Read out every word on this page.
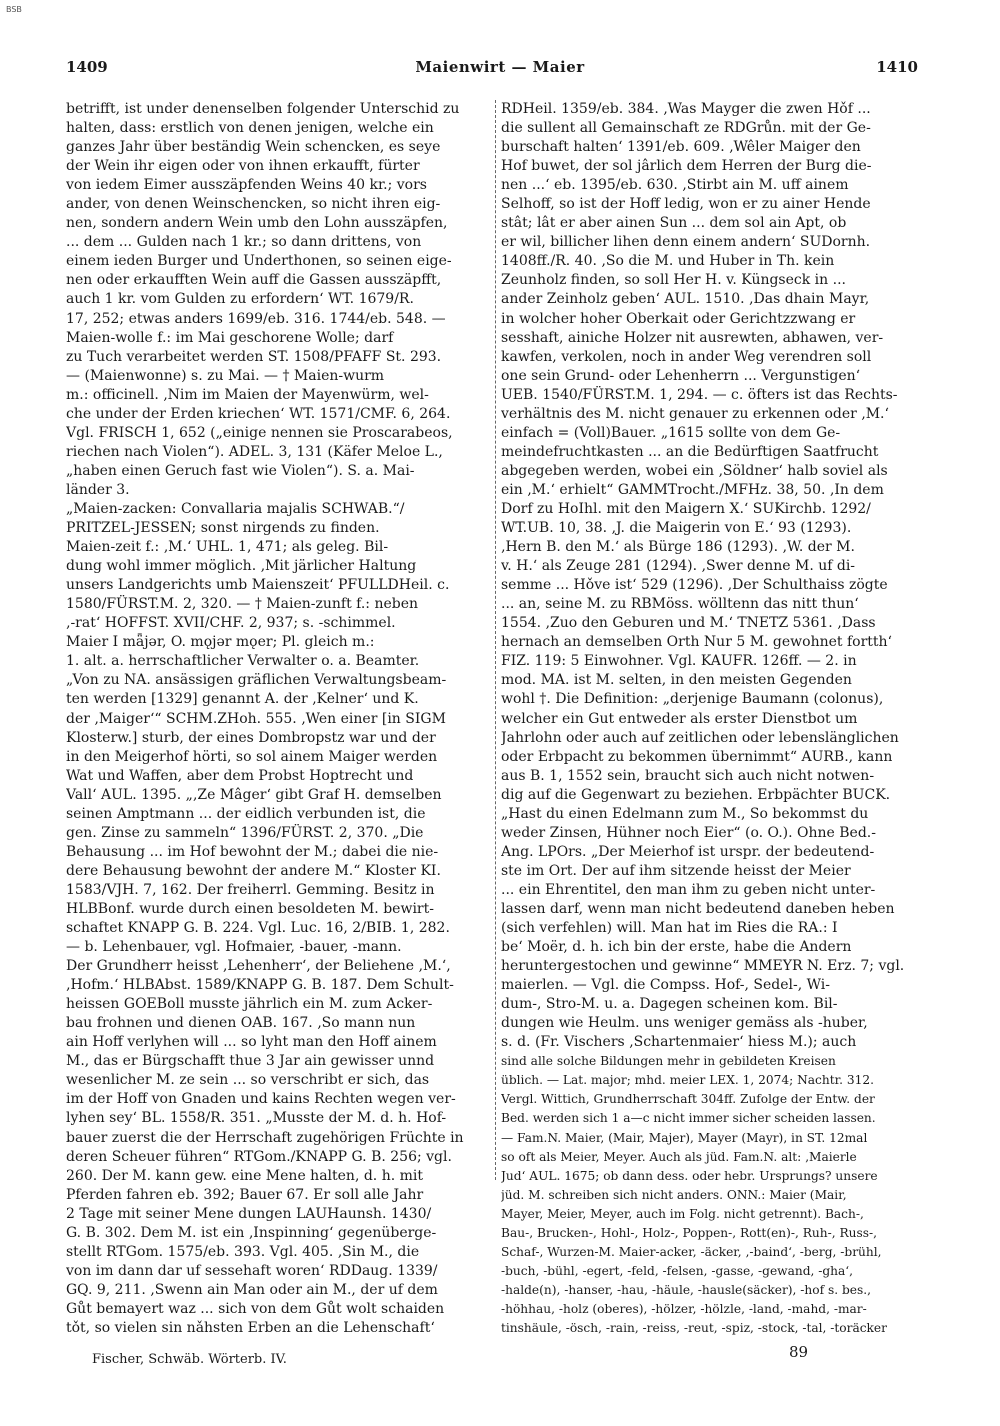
BSB
1409	Maienwirt — Maier	1410
betrifft, ist under denenselben folgender Unterschid zu
halten, dass: erstlich von denen jenigen, welche ein
ganzes Jahr über beständig Wein schencken, es seye
der Wein ihr eigen oder von ihnen erkaufft, fürter
von iedem Eimer ausszäpfenden Weins 40 kr.; vors
ander, von denen Weinschencken, so nicht ihren eig-
nen, sondern andern Wein umb den Lohn ausszäpfen,
... dem ... Gulden nach 1 kr.; so dann drittens, von
einem ieden Burger und Underthonen, so seinen eige-
nen oder erkaufften Wein auff die Gassen ausszäpfft,
auch 1 kr. vom Gulden zu erfordern‘ WT. 1679/R.
17, 252; etwas anders 1699/eb. 316. 1744/eb. 548. —
Maien-wolle f.: im Mai geschorene Wolle; darf
zu Tuch verarbeitet werden ST. 1508/PFAFF St. 293.
— (Maienwonne) s. zu Mai. — † Maien-wurm
m.: officinell. ‚Nim im Maien der Mayenwürm, wel-
che under der Erden kriechen‘ WT. 1571/CMF. 6, 264.
Vgl. FRISCH 1, 652 („einige nennen sie Proscarabeos,
riechen nach Violen“). ADEL. 3, 131 (Käfer Meloe L.,
„haben einen Geruch fast wie Violen“). S. a. Mai-
länder 3.
„Maien-zacken: Convallaria majalis SCHWAB.“/
PRITZEL-JESSEN; sonst nirgends zu finden.
Maien-zeit f.: ‚M.‘ UHL. 1, 471; als geleg. Bil-
dung wohl immer möglich. ‚Mit järlicher Haltung
unsers Landgerichts umb Maienszeit‘ PFULLDHeil. c.
1580/FÜRST.M. 2, 320. — † Maien-zunft f.: neben
‚-rat‘ HOFFST. XVII/CHF. 2, 937; s. -schimmel.
Maier I mǟjər, O. mǫjər mǫer; Pl. gleich m.:
1. alt. a. herrschaftlicher Verwalter o. a. Beamter.
„Von zu NA. ansässigen gräflichen Verwaltungsbeam-
ten werden [1329] genannt A. der ‚Kelner‘ und K.
der ‚Maiger‘“ SCHM.ZHoh. 555. ‚Wen einer [in SIGM
Klosterw.] sturb, der eines Dombropstz war und der
in den Meigerhof hörti, so sol ainem Maiger werden
Wat und Waffen, aber dem Probst Hoptrecht und
Vall‘ AUL. 1395. „‚Ze Mâger‘ gibt Graf H. demselben
seinen Amptmann ... der eidlich verbunden ist, die
gen. Zinse zu sammeln“ 1396/FÜRST. 2, 370. „Die
Behausung ... im Hof bewohnt der M.; dabei die nie-
dere Behausung bewohnt der andere M.“ Kloster KI.
1583/VJH. 7, 162. Der freiherrl. Gemming. Besitz in
HLBBonf. wurde durch einen besoldeten M. bewirt-
schaftet KNAPP G. B. 224. Vgl. Luc. 16, 2/BIB. 1, 282.
— b. Lehenbauer, vgl. Hofmaier, -bauer, -mann.
Der Grundherr heisst ‚Lehenherr‘, der Beliehene ‚M.‘,
‚Hofm.‘ HLBAbst. 1589/KNAPP G. B. 187. Dem Schult-
heissen GOEBoll musste jährlich ein M. zum Acker-
bau frohnen und dienen OAB. 167. ‚So mann nun
ain Hoff verlyhen will ... so lyht man den Hoff ainem
M., das er Bürgschafft thue 3 Jar ain gewisser unnd
wesenlicher M. ze sein ... so verschribt er sich, das
im der Hoff von Gnaden und kains Rechten wegen ver-
lyhen sey‘ BL. 1558/R. 351. „Musste der M. d. h. Hof-
bauer zuerst die der Herrschaft zugehörigen Früchte in
deren Scheuer führen“ RTGom./KNAPP G. B. 256; vgl.
260. Der M. kann gew. eine Mene halten, d. h. mit
Pferden fahren eb. 392; Bauer 67. Er soll alle Jahr
2 Tage mit seiner Mene dungen LAUHaunsh. 1430/
G. B. 302. Dem M. ist ein ‚Inspinning‘ gegenüberge-
stellt RTGom. 1575/eb. 393. Vgl. 405. ‚Sin M., die
von im dann dar uf sessehaft woren‘ RDDaug. 1339/
GQ. 9, 211. ‚Swenn ain Man oder ain M., der uf dem
Gůt bemayert waz ... sich von dem Gůt wolt schaiden
tǒt, so vielen sin nǎhsten Erben an die Lehenschaft‘
RDHeil. 1359/eb. 384. ‚Was Mayger die zwen Hǒf ...
die sullent all Gemainschaft ze RDGrůn. mit der Ge-
burschaft halten‘ 1391/eb. 609. ‚Wêler Maiger den
Hof buwet, der sol jârlich dem Herren der Burg die-
nen ...‘ eb. 1395/eb. 630. ‚Stirbt ain M. uff ainem
Selhoff, so ist der Hoff ledig, won er zu ainer Hende
stât; lât er aber ainen Sun ... dem sol ain Apt, ob
er wil, billicher lihen denn einem andern‘ SUDornh.
1408ff./R. 40. ‚So die M. und Huber in Th. kein
Zeunholz finden, so soll Her H. v. Küngseck in ...
ander Zeinholz geben‘ AUL. 1510. ‚Das dhain Mayr,
in wolcher hoher Oberkait oder Gerichtzzwang er
sesshaft, ainiche Holzer nit ausrewten, abhawen, ver-
kawfen, verkolen, noch in ander Weg verendren soll
one sein Grund- oder Lehenherrn ... Vergunstigen‘
UEB. 1540/FÜRST.M. 1, 294. — c. öfters ist das Rechts-
verhältnis des M. nicht genauer zu erkennen oder ‚M.‘
einfach = (Voll)Bauer. „1615 sollte von dem Ge-
meindefruchtkasten ... an die Bedürftigen Saatfrucht
abgegeben werden, wobei ein ‚Söldner‘ halb soviel als
ein ‚M.‘ erhielt“ GAMMTrocht./MFHz. 38, 50. ‚In dem
Dorf zu HoIhl. mit den Maigern X.‘ SUKirchb. 1292/
WT.UB. 10, 38. ‚J. die Maigerin von E.‘ 93 (1293).
‚Hern B. den M.‘ als Bürge 186 (1293). ‚W. der M.
v. H.‘ als Zeuge 281 (1294). ‚Swer denne M. uf di-
semme ... Hǒve ist‘ 529 (1296). ‚Der Schulthaiss zögte
... an, seine M. zu RBMöss. wölltenn das nitt thun‘
1554. ‚Zuo den Geburen und M.‘ TNETZ 5361. ‚Dass
hernach an demselben Orth Nur 5 M. gewohnet fortth‘
FIZ. 119: 5 Einwohner. Vgl. KAUFR. 126ff. — 2. in
mod. MA. ist M. selten, in den meisten Gegenden
wohl †. Die Definition: „derjenige Baumann (colonus),
welcher ein Gut entweder als erster Dienstbot um
Jahrlohn oder auch auf zeitlichen oder lebenslänglichen
oder Erbpacht zu bekommen übernimmt“ AURB., kann
aus B. 1, 1552 sein, braucht sich auch nicht notwen-
dig auf die Gegenwart zu beziehen. Erbpächter BUCK.
„Hast du einen Edelmann zum M., So bekommst du
weder Zinsen, Hühner noch Eier“ (o. O.). Ohne Bed.-
Ang. LPOrs. „Der Meierhof ist urspr. der bedeutend-
ste im Ort. Der auf ihm sitzende heisst der Meier
... ein Ehrentitel, den man ihm zu geben nicht unter-
lassen darf, wenn man nicht bedeutend daneben heben
(sich verfehlen) will. Man hat im Ries die RA.: I
be‘ Moër, d. h. ich bin der erste, habe die Andern
heruntergestochen und gewinne“ MMEYR N. Erz. 7; vgl.
maierlen. — Vgl. die Compss. Hof-, Sedel-, Wi-
dum-, Stro-M. u. a. Dagegen scheinen kom. Bil-
dungen wie Heulm. uns weniger gemäss als -huber,
s. d. (Fr. Vischers ‚Schartenmaier‘ hiess M.); auch
sind alle solche Bildungen mehr in gebildeten Kreisen
üblich. — Lat. major; mhd. meier LEX. 1, 2074; Nachtr. 312.
Vergl. Wittich, Grundherrschaft 304ff. Zufolge der Entw. der
Bed. werden sich 1 a—c nicht immer sicher scheiden lassen.
— Fam.N. Maier, (Mair, Majer), Mayer (Mayr), in ST. 12mal
so oft als Meier, Meyer. Auch als jüd. Fam.N. alt: ‚Maierle
Jud‘ AUL. 1675; ob dann dess. oder hebr. Ursprungs? unsere
jüd. M. schreiben sich nicht anders. ONN.: Maier (Mair,
Mayer, Meier, Meyer, auch im Folg. nicht getrennt). Bach-,
Bau-, Brucken-, Hohl-, Holz-, Poppen-, Rott(en)-, Ruh-, Russ-,
Schaf-, Wurzen-M. Maier-acker, -äcker, ‚-baind‘, -berg, -brühl,
-buch, -bühl, -egert, -feld, -felsen, -gasse, -gewand, -gha‘,
-halde(n), -hanser, -hau, -häule, -hausle(säcker), -hof s. bes.,
-höhhau, -holz (oberes), -hölzer, -hölzle, -land, -mahd, -mar-
tinshäule, -ösch, -rain, -reiss, -reut, -spiz, -stock, -tal, -toräcker
Fischer, Schwäb. Wörterb. IV.	89
